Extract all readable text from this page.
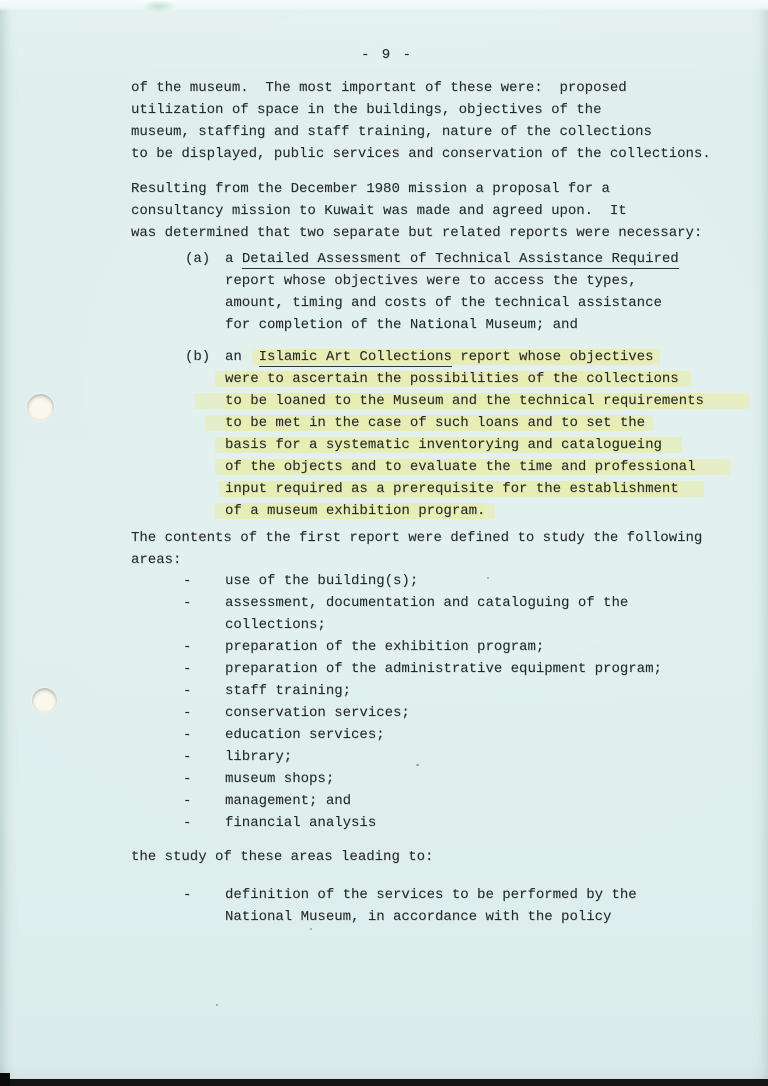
- 9 -
of the museum.  The most important of these were:  proposed
utilization of space in the buildings, objectives of the
museum, staffing and staff training, nature of the collections
to be displayed, public services and conservation of the collections.
Resulting from the December 1980 mission a proposal for a
consultancy mission to Kuwait was made and agreed upon.  It
was determined that two separate but related reports were necessary:
(a) a Detailed Assessment of Technical Assistance Required
report whose objectives were to access the types,
amount, timing and costs of the technical assistance
for completion of the National Museum; and
(b) an  Islamic Art Collections report whose objectives
were to ascertain the possibilities of the collections
to be loaned to the Museum and the technical requirements
to be met in the case of such loans and to set the
basis for a systematic inventorying and catalogueing
of the objects and to evaluate the time and professional
input required as a prerequisite for the establishment
of a museum exhibition program.
The contents of the first report were defined to study the following
areas:
- use of the building(s);
- assessment, documentation and cataloguing of the
collections;
- preparation of the exhibition program;
- preparation of the administrative equipment program;
- staff training;
- conservation services;
- education services;
- library;
- museum shops;
- management; and
- financial analysis
the study of these areas leading to:
- definition of the services to be performed by the
National Museum, in accordance with the policy
